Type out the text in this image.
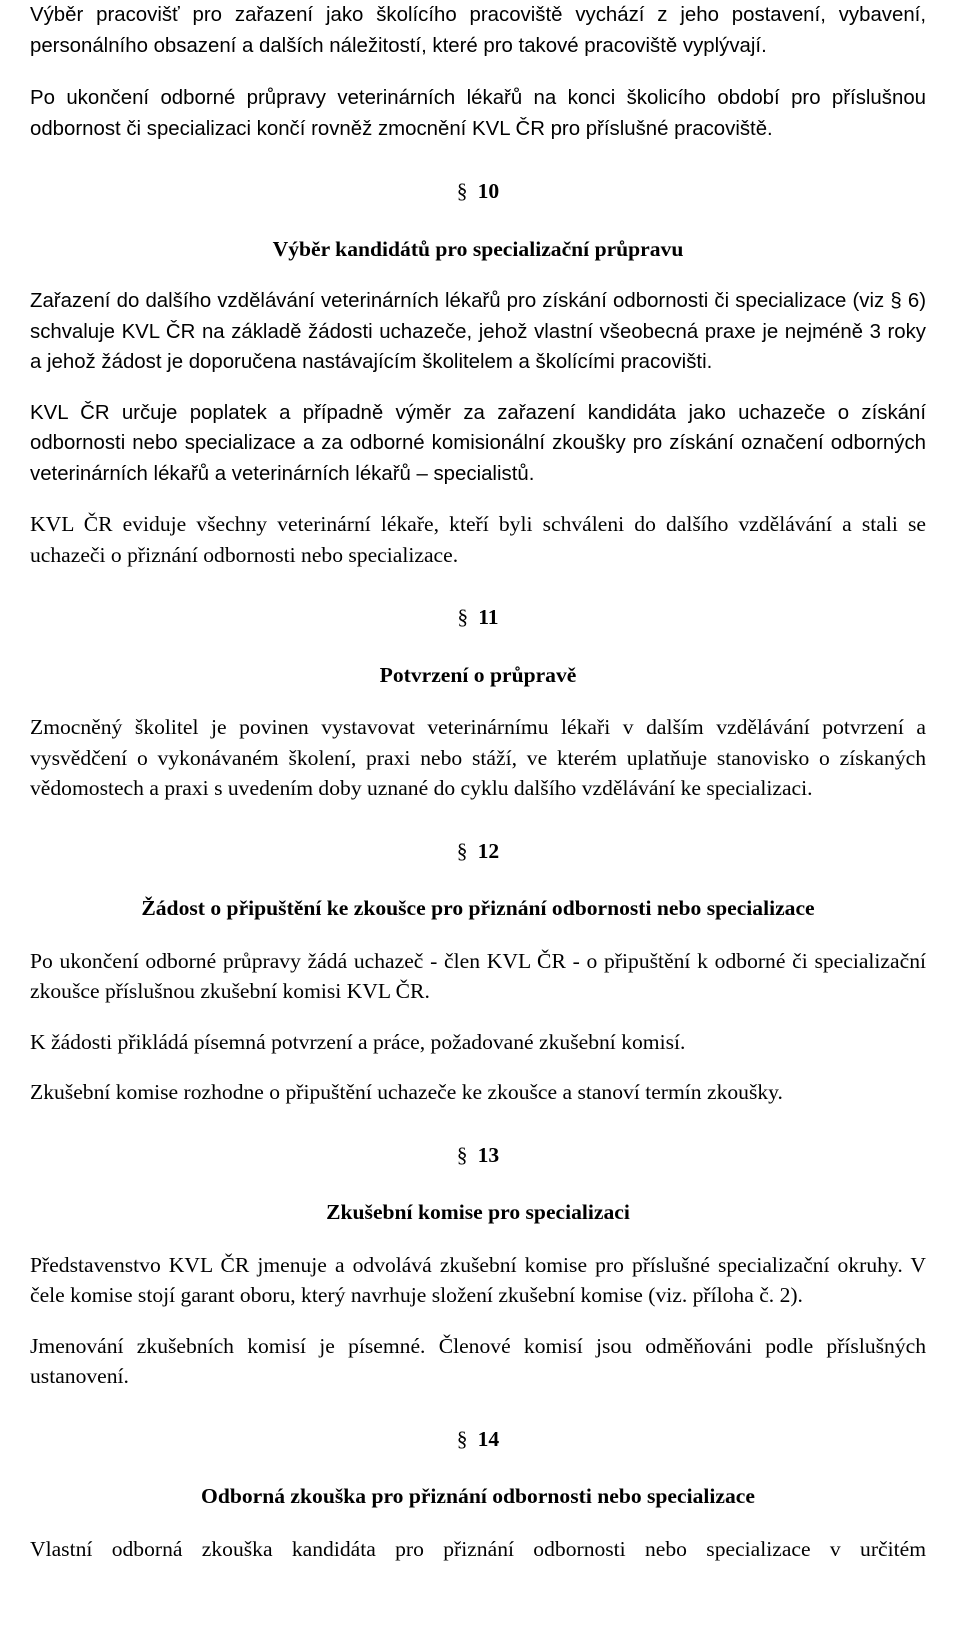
Výběr pracovišť pro zařazení jako školícího pracoviště vychází z jeho postavení, vybavení, personálního obsazení a dalších náležitostí, které pro takové pracoviště vyplývají.

Po ukončení odborné průpravy veterinárních lékařů na konci školicího období pro příslušnou odbornost či specializaci končí rovněž zmocnění KVL ČR pro příslušné pracoviště.

§ 10
Výběr kandidátů pro specializační průpravu

Zařazení do dalšího vzdělávání veterinárních lékařů pro získání odbornosti či specializace (viz § 6) schvaluje KVL ČR na základě žádosti uchazeče, jehož vlastní všeobecná praxe je nejméně 3 roky a jehož žádost je doporučena nastávajícím školitelem a školícími pracovišti.

KVL ČR určuje poplatek a případně výměr za zařazení kandidáta jako uchazeče o získání odbornosti nebo specializace a za odborné komisionální zkoušky pro získání označení odborných veterinárních lékařů a veterinárních lékařů – specialistů.

KVL ČR eviduje všechny veterinární lékaře, kteří byli schváleni do dalšího vzdělávání a stali se uchazeči o přiznání odbornosti nebo specializace.

§ 11
Potvrzení o průpravě

Zmocněný školitel je povinen vystavovat veterinárnímu lékaři v dalším vzdělávání potvrzení a vysvědčení o vykonávaném školení, praxi nebo stáží, ve kterém uplatňuje stanovisko o získaných vědomostech a praxi s uvedením doby uznané do cyklu dalšího vzdělávání ke specializaci.

§ 12
Žádost o připuštění ke zkoušce pro přiznání odbornosti nebo specializace

Po ukončení odborné průpravy žádá uchazeč - člen KVL ČR - o připuštění k odborné či specializační zkoušce příslušnou zkušební komisi KVL ČR.

K žádosti přikládá písemná potvrzení a práce, požadované zkušební komisí.

Zkušební komise rozhodne o připuštění uchazeče ke zkoušce a stanoví termín zkoušky.

§ 13
Zkušební komise pro specializaci

Představenstvo KVL ČR jmenuje a odvolává zkušební komise pro příslušné specializační okruhy. V čele komise stojí garant oboru, který navrhuje složení zkušební komise (viz. příloha č. 2).

Jmenování zkušebních komisí je písemné. Členové komisí jsou odměňováni podle příslušných ustanovení.

§ 14
Odborná zkouška pro přiznání odbornosti nebo specializace

Vlastní odborná zkouška kandidáta pro přiznání odbornosti nebo specializace v určitém
